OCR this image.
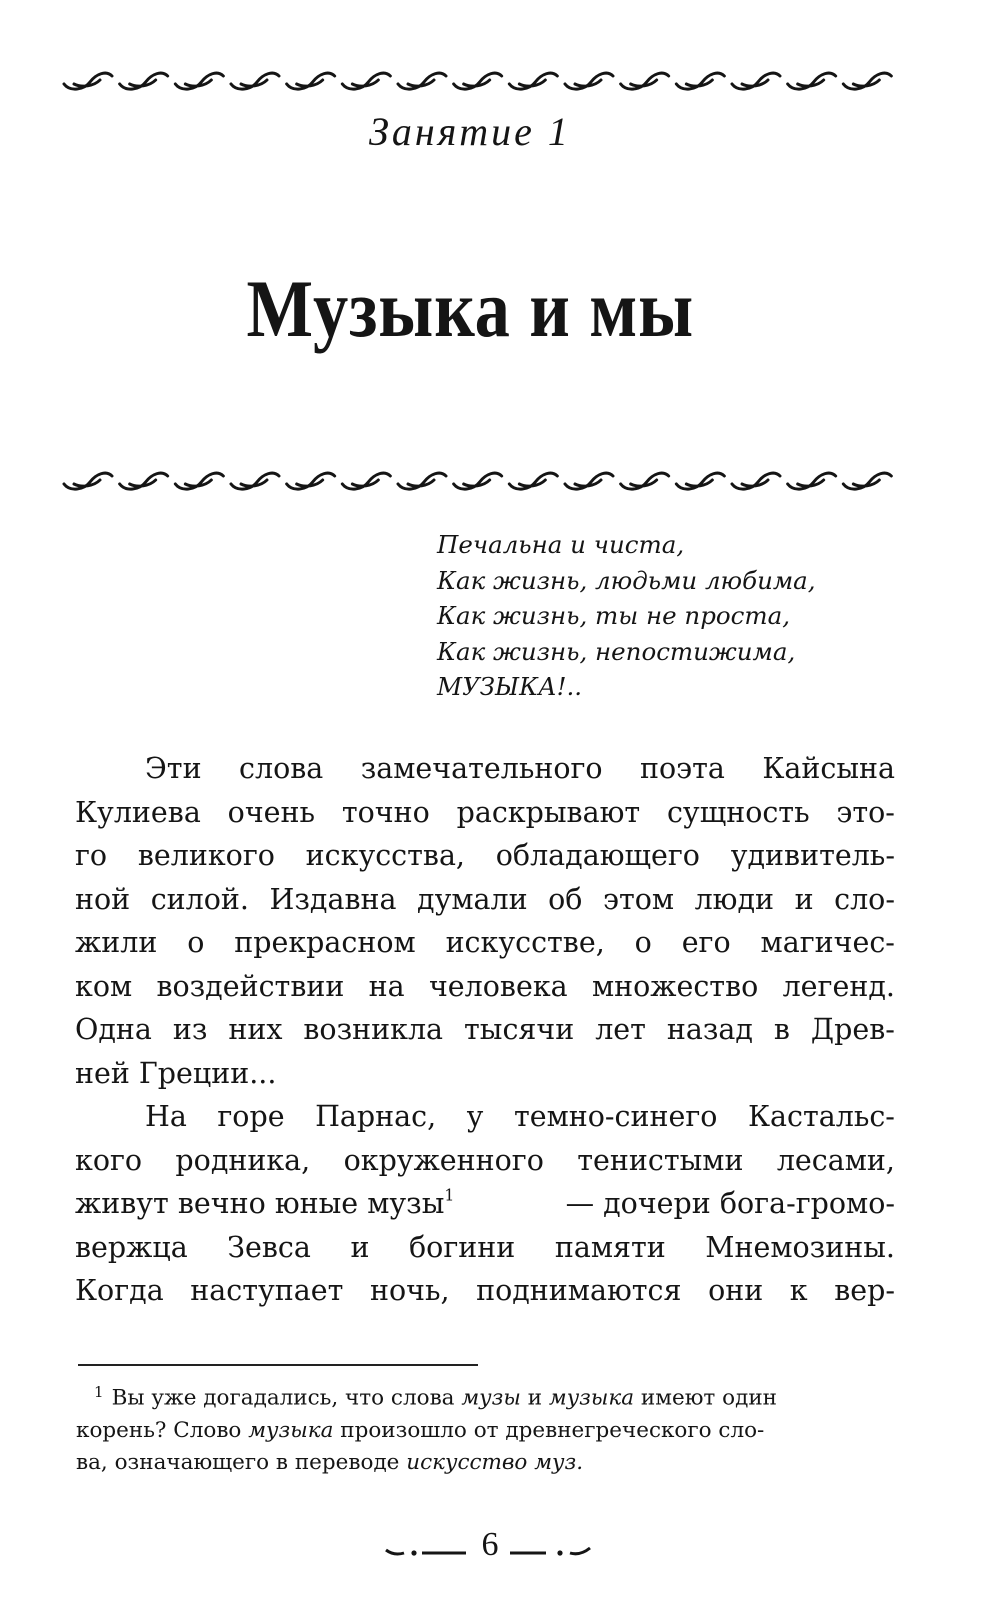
Занятие 1
Музыка и мы
Печальна и чиста,
Как жизнь, людьми любима,
Как жизнь, ты не проста,
Как жизнь, непостижима,
МУЗЫКА!..
Эти слова замечательного поэта Кайсына
Кулиева очень точно раскрывают сущность это-
го великого искусства, обладающего удивитель-
ной силой. Издавна думали об этом люди и сло-
жили о прекрасном искусстве, о его магичес-
ком воздействии на человека множество легенд.
Одна из них возникла тысячи лет назад в Древ-
ней Греции...
На горе Парнас, у темно-синего Кастальс-
кого родника, окруженного тенистыми лесами,
живут вечно юные музы$^1$	— дочери бога-громо-
вержца Зевса и богини памяти Мнемозины.
Когда наступает ночь, поднимаются они к вер-
$^1$ Вы уже догадались, что слова музы и музыка имеют один
корень? Слово музыка произошло от древнегреческого сло-
ва, означающего в переводе искусство муз.
6
